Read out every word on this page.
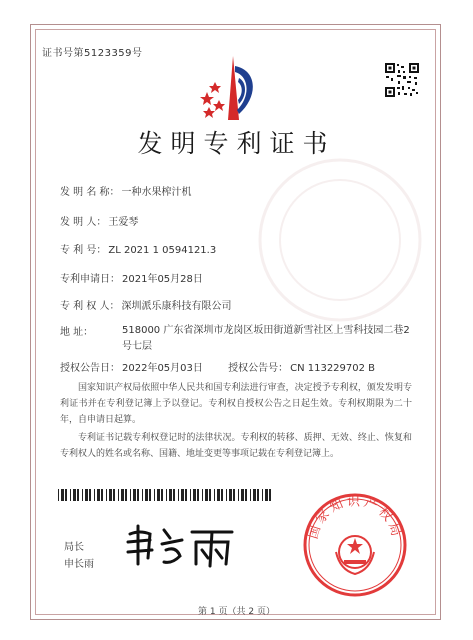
证书号第5123359号
发明专利证书
发 明 名 称： 一种水果榨汁机
发 明 人： 王爱琴
专 利 号： ZL 2021 1 0594121.3
专利申请日： 2021年05月28日
专 利 权 人： 深圳派乐康科技有限公司
地 址：	518000 广东省深圳市龙岗区坂田街道新雪社区上雪科技园二巷2号七层
授权公告日： 2022年05月03日	授权公告号： CN 113229702 B
国家知识产权局依照中华人民共和国专利法进行审查，决定授予专利权，颁发发明专利证书并在专利登记簿上予以登记。专利权自授权公告之日起生效。专利权期限为二十年，自申请日起算。
专利证书记载专利权登记时的法律状况。专利权的转移、质押、无效、终止、恢复和专利权人的姓名或名称、国籍、地址变更等事项记载在专利登记簿上。
局长
申长雨
国家知识产权局
第 1 页（共 2 页）
